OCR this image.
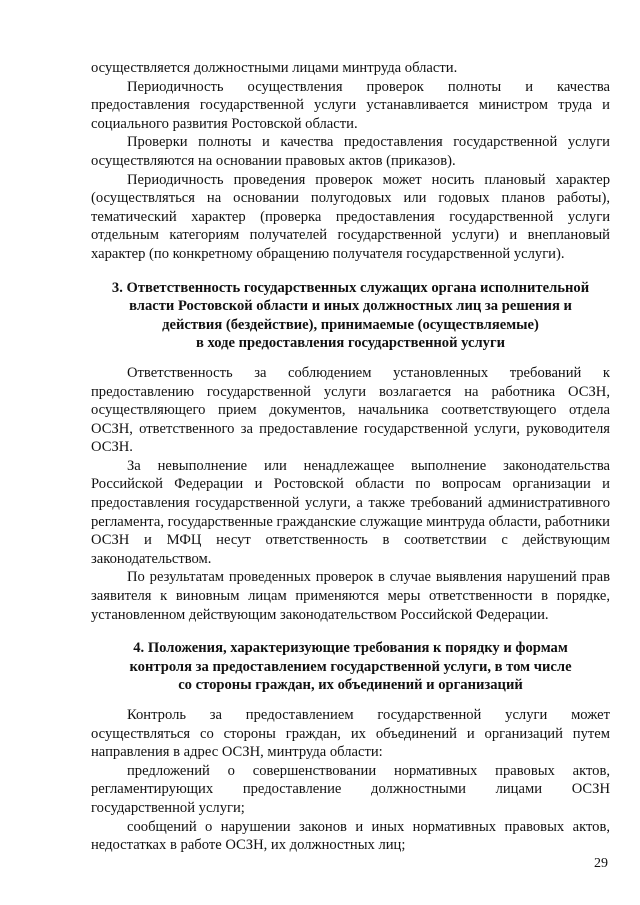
осуществляется должностными лицами минтруда области.

Периодичность осуществления проверок полноты и качества предоставления государственной услуги устанавливается министром труда и социального развития Ростовской области.

Проверки полноты и качества предоставления государственной услуги осуществляются на основании правовых актов (приказов).

Периодичность проведения проверок может носить плановый характер (осуществляться на основании полугодовых или годовых планов работы), тематический характер (проверка предоставления государственной услуги отдельным категориям получателей государственной услуги) и внеплановый характер (по конкретному обращению получателя государственной услуги).

3. Ответственность государственных служащих органа исполнительной
власти Ростовской области и иных должностных лиц за решения и
действия (бездействие), принимаемые (осуществляемые)
в ходе предоставления государственной услуги

Ответственность за соблюдением установленных требований к предоставлению государственной услуги возлагается на работника ОСЗН, осуществляющего прием документов, начальника соответствующего отдела ОСЗН, ответственного за предоставление государственной услуги, руководителя ОСЗН.

За невыполнение или ненадлежащее выполнение законодательства Российской Федерации и Ростовской области по вопросам организации и предоставления государственной услуги, а также требований административного регламента, государственные гражданские служащие минтруда области, работники ОСЗН и МФЦ несут ответственность в соответствии с действующим законодательством.

По результатам проведенных проверок в случае выявления нарушений прав заявителя к виновным лицам применяются меры ответственности в порядке, установленном действующим законодательством Российской Федерации.

4. Положения, характеризующие требования к порядку и формам
контроля за предоставлением государственной услуги, в том числе
со стороны граждан, их объединений и организаций

Контроль за предоставлением государственной услуги может осуществляться со стороны граждан, их объединений и организаций путем направления в адрес ОСЗН, минтруда области:

предложений о совершенствовании нормативных правовых актов, регламентирующих предоставление должностными лицами ОСЗН государственной услуги;

сообщений о нарушении законов и иных нормативных правовых актов, недостатках в работе ОСЗН, их должностных лиц;

29
